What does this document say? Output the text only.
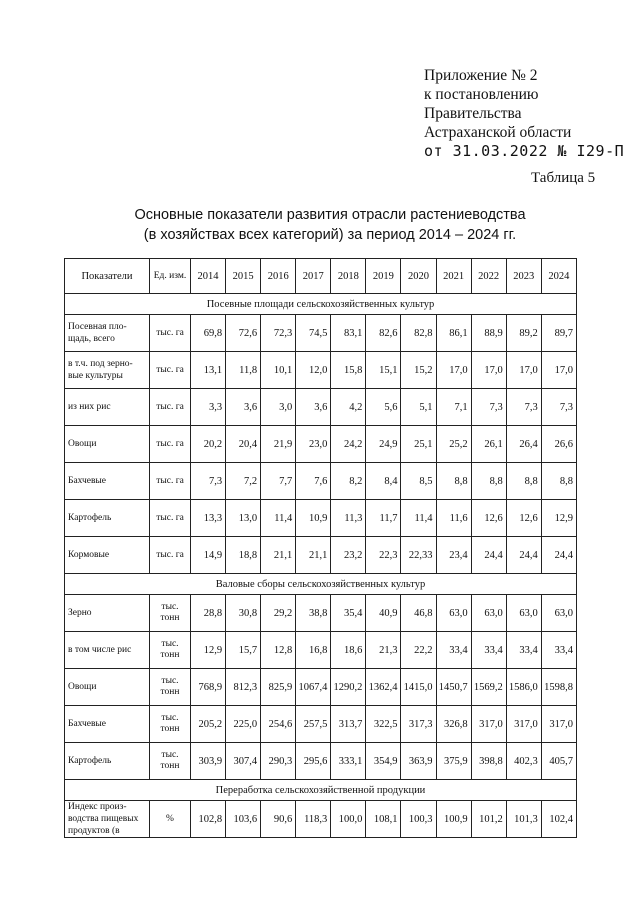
Приложение № 2
к постановлению
Правительства
Астраханской области
от 31.03.2022 № I29-П
Таблица 5
Основные показатели развития отрасли растениеводства
(в хозяйствах всех категорий) за период 2014 – 2024 гг.
Показатели	Ед. изм.	2014	2015	2016	2017	2018	2019	2020	2021	2022	2023	2024
Посевные площади сельскохозяйственных культур												
Посевная пло-щадь, всего	тыс. га	69,8	72,6	72,3	74,5	83,1	82,6	82,8	86,1	88,9	89,2	89,7
в т.ч. под зерно-вые культуры	тыс. га	13,1	11,8	10,1	12,0	15,8	15,1	15,2	17,0	17,0	17,0	17,0
из них рис	тыс. га	3,3	3,6	3,0	3,6	4,2	5,6	5,1	7,1	7,3	7,3	7,3
Овощи	тыс. га	20,2	20,4	21,9	23,0	24,2	24,9	25,1	25,2	26,1	26,4	26,6
Бахчевые	тыс. га	7,3	7,2	7,7	7,6	8,2	8,4	8,5	8,8	8,8	8,8	8,8
Картофель	тыс. га	13,3	13,0	11,4	10,9	11,3	11,7	11,4	11,6	12,6	12,6	12,9
Кормовые	тыс. га	14,9	18,8	21,1	21,1	23,2	22,3	22,33	23,4	24,4	24,4	24,4
Валовые сборы сельскохозяйственных культур												
Зерно	тыс. тонн	28,8	30,8	29,2	38,8	35,4	40,9	46,8	63,0	63,0	63,0	63,0
в том числе рис	тыс. тонн	12,9	15,7	12,8	16,8	18,6	21,3	22,2	33,4	33,4	33,4	33,4
Овощи	тыс. тонн	768,9	812,3	825,9	1067,4	1290,2	1362,4	1415,0	1450,7	1569,2	1586,0	1598,8
Бахчевые	тыс. тонн	205,2	225,0	254,6	257,5	313,7	322,5	317,3	326,8	317,0	317,0	317,0
Картофель	тыс. тонн	303,9	307,4	290,3	295,6	333,1	354,9	363,9	375,9	398,8	402,3	405,7
Переработка сельскохозяйственной продукции												
Индекс произ-водства пищевых продуктов (в	%	102,8	103,6	90,6	118,3	100,0	108,1	100,3	100,9	101,2	101,3	102,4
